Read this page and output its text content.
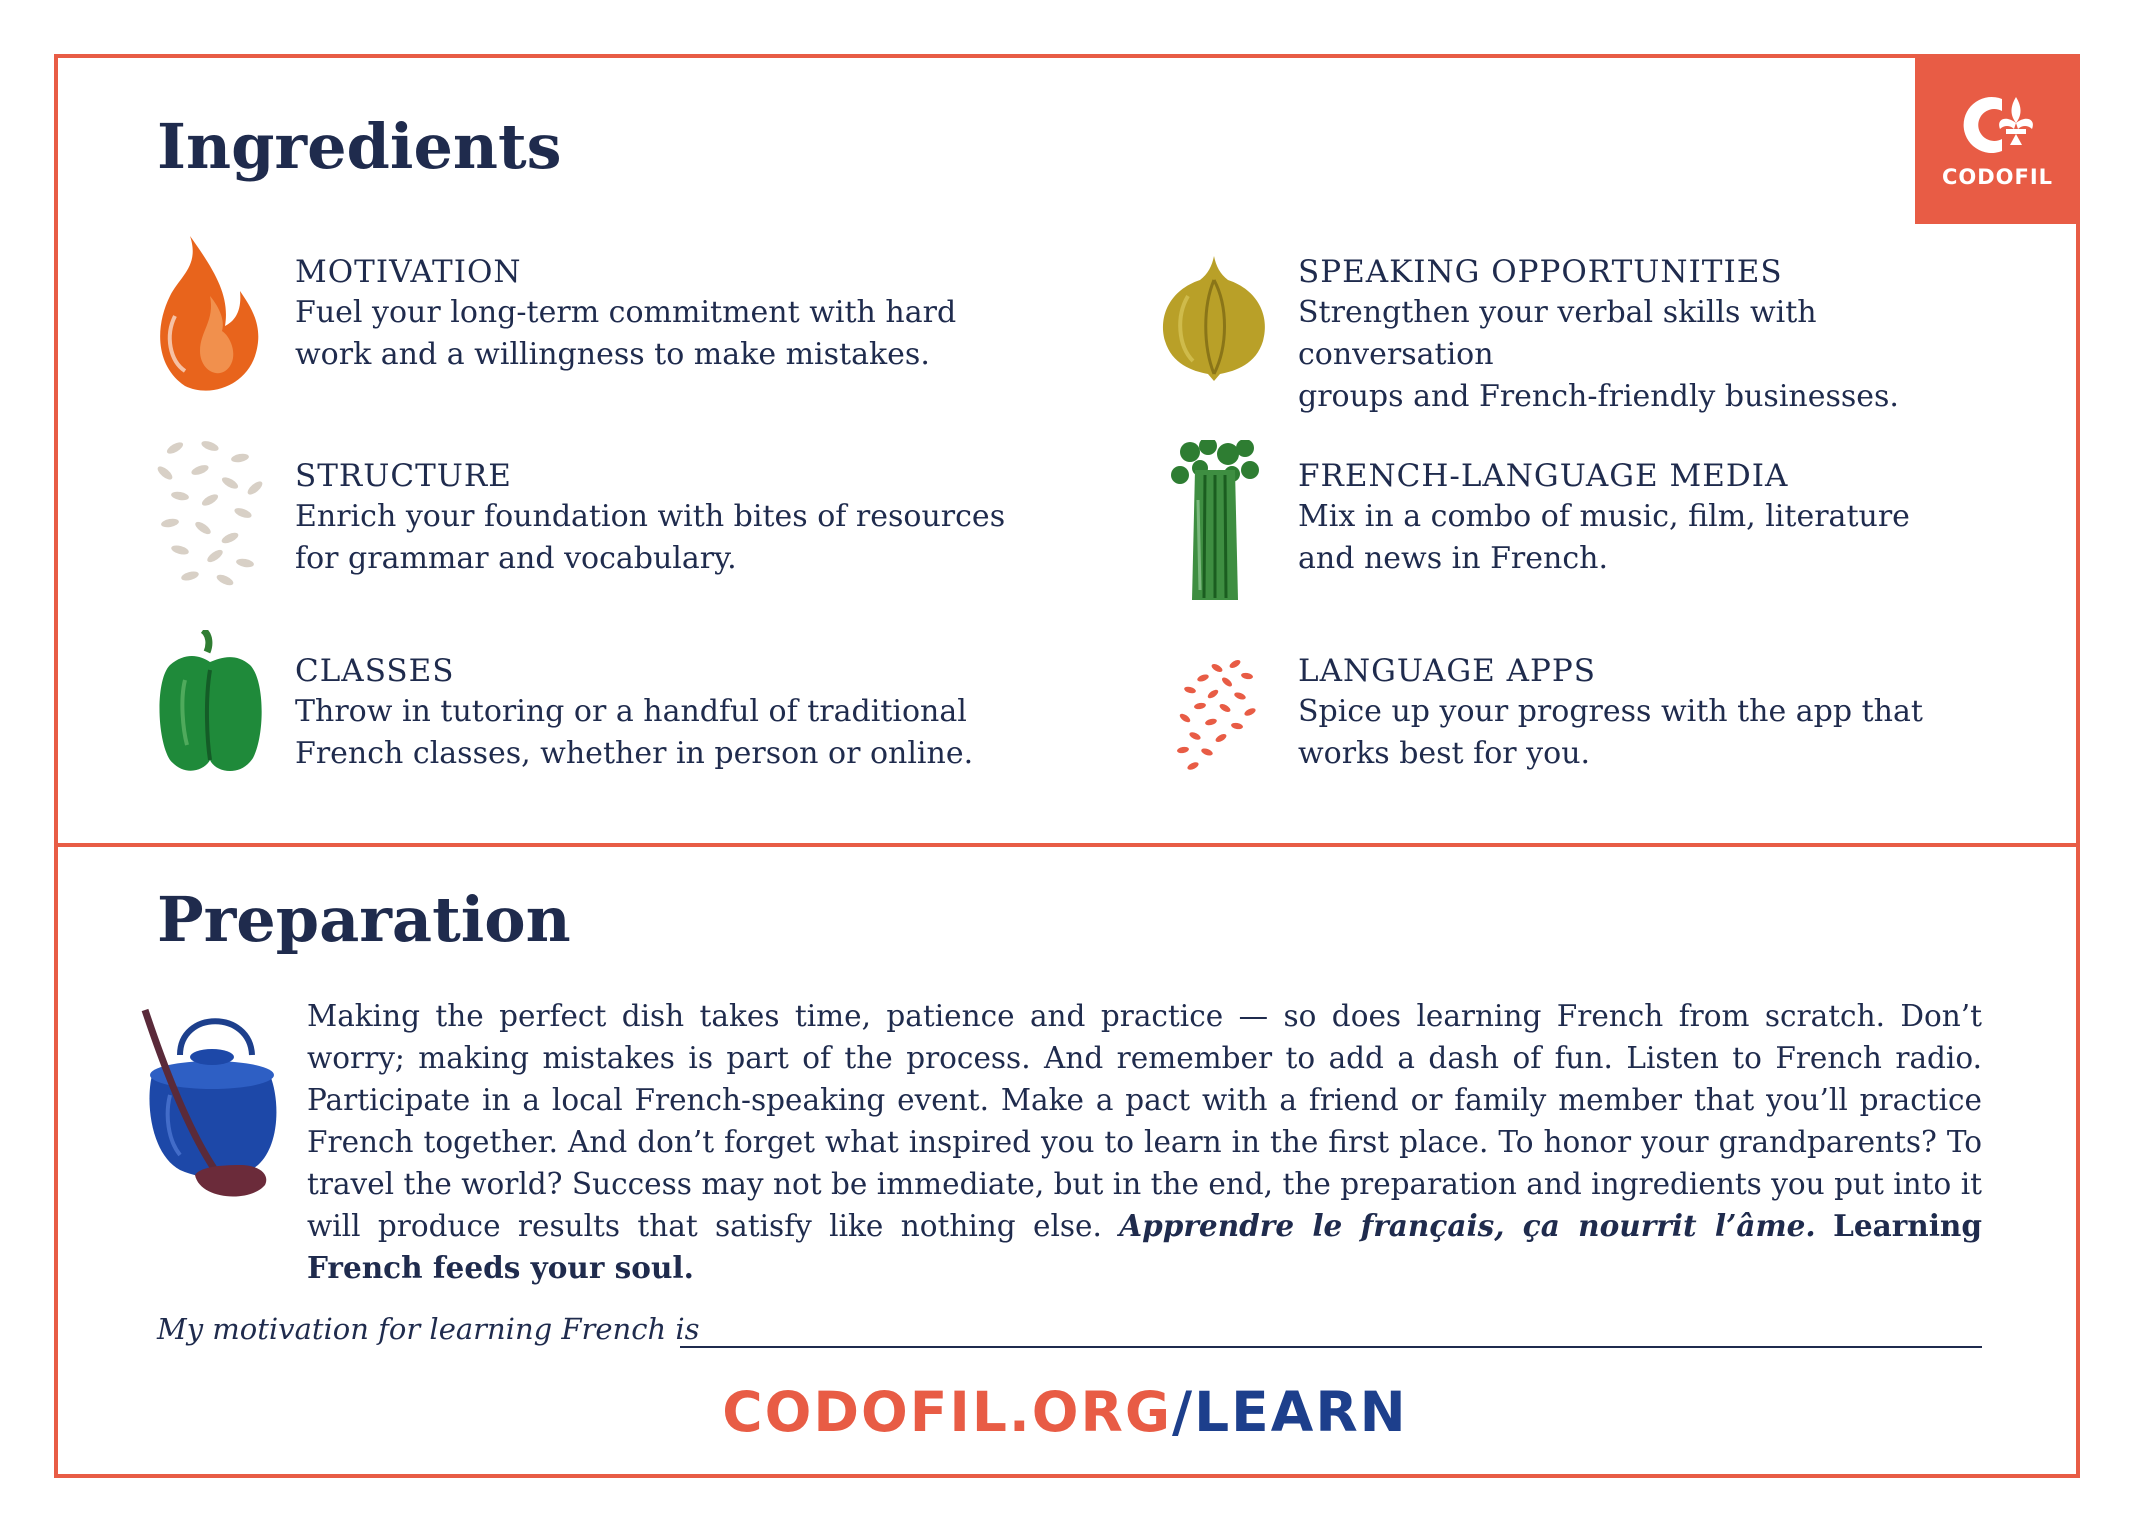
CODOFIL
Ingredients
MOTIVATION
Fuel your long-term commitment with hard
work and a willingness to make mistakes.
STRUCTURE
Enrich your foundation with bites of resources
for grammar and vocabulary.
CLASSES
Throw in tutoring or a handful of traditional
French classes, whether in person or online.
SPEAKING OPPORTUNITIES
Strengthen your verbal skills with conversation
groups and French-friendly businesses.
FRENCH-LANGUAGE MEDIA
Mix in a combo of music, film, literature
and news in French.
LANGUAGE APPS
Spice up your progress with the app that
works best for you.
Preparation
Making the perfect dish takes time, patience and practice — so does learning French from scratch. Don’t worry; making mistakes is part of the process. And remember to add a dash of fun. Listen to French radio. Participate in a local French-speaking event. Make a pact with a friend or family member that you’ll practice French together. And don’t forget what inspired you to learn in the first place. To honor your grandparents? To travel the world? Success may not be immediate, but in the end, the preparation and ingredients you put into it will produce results that satisfy like nothing else. Apprendre le français, ça nourrit l’âme. Learning French feeds your soul.
My motivation for learning French is
CODOFIL.ORG/LEARN
